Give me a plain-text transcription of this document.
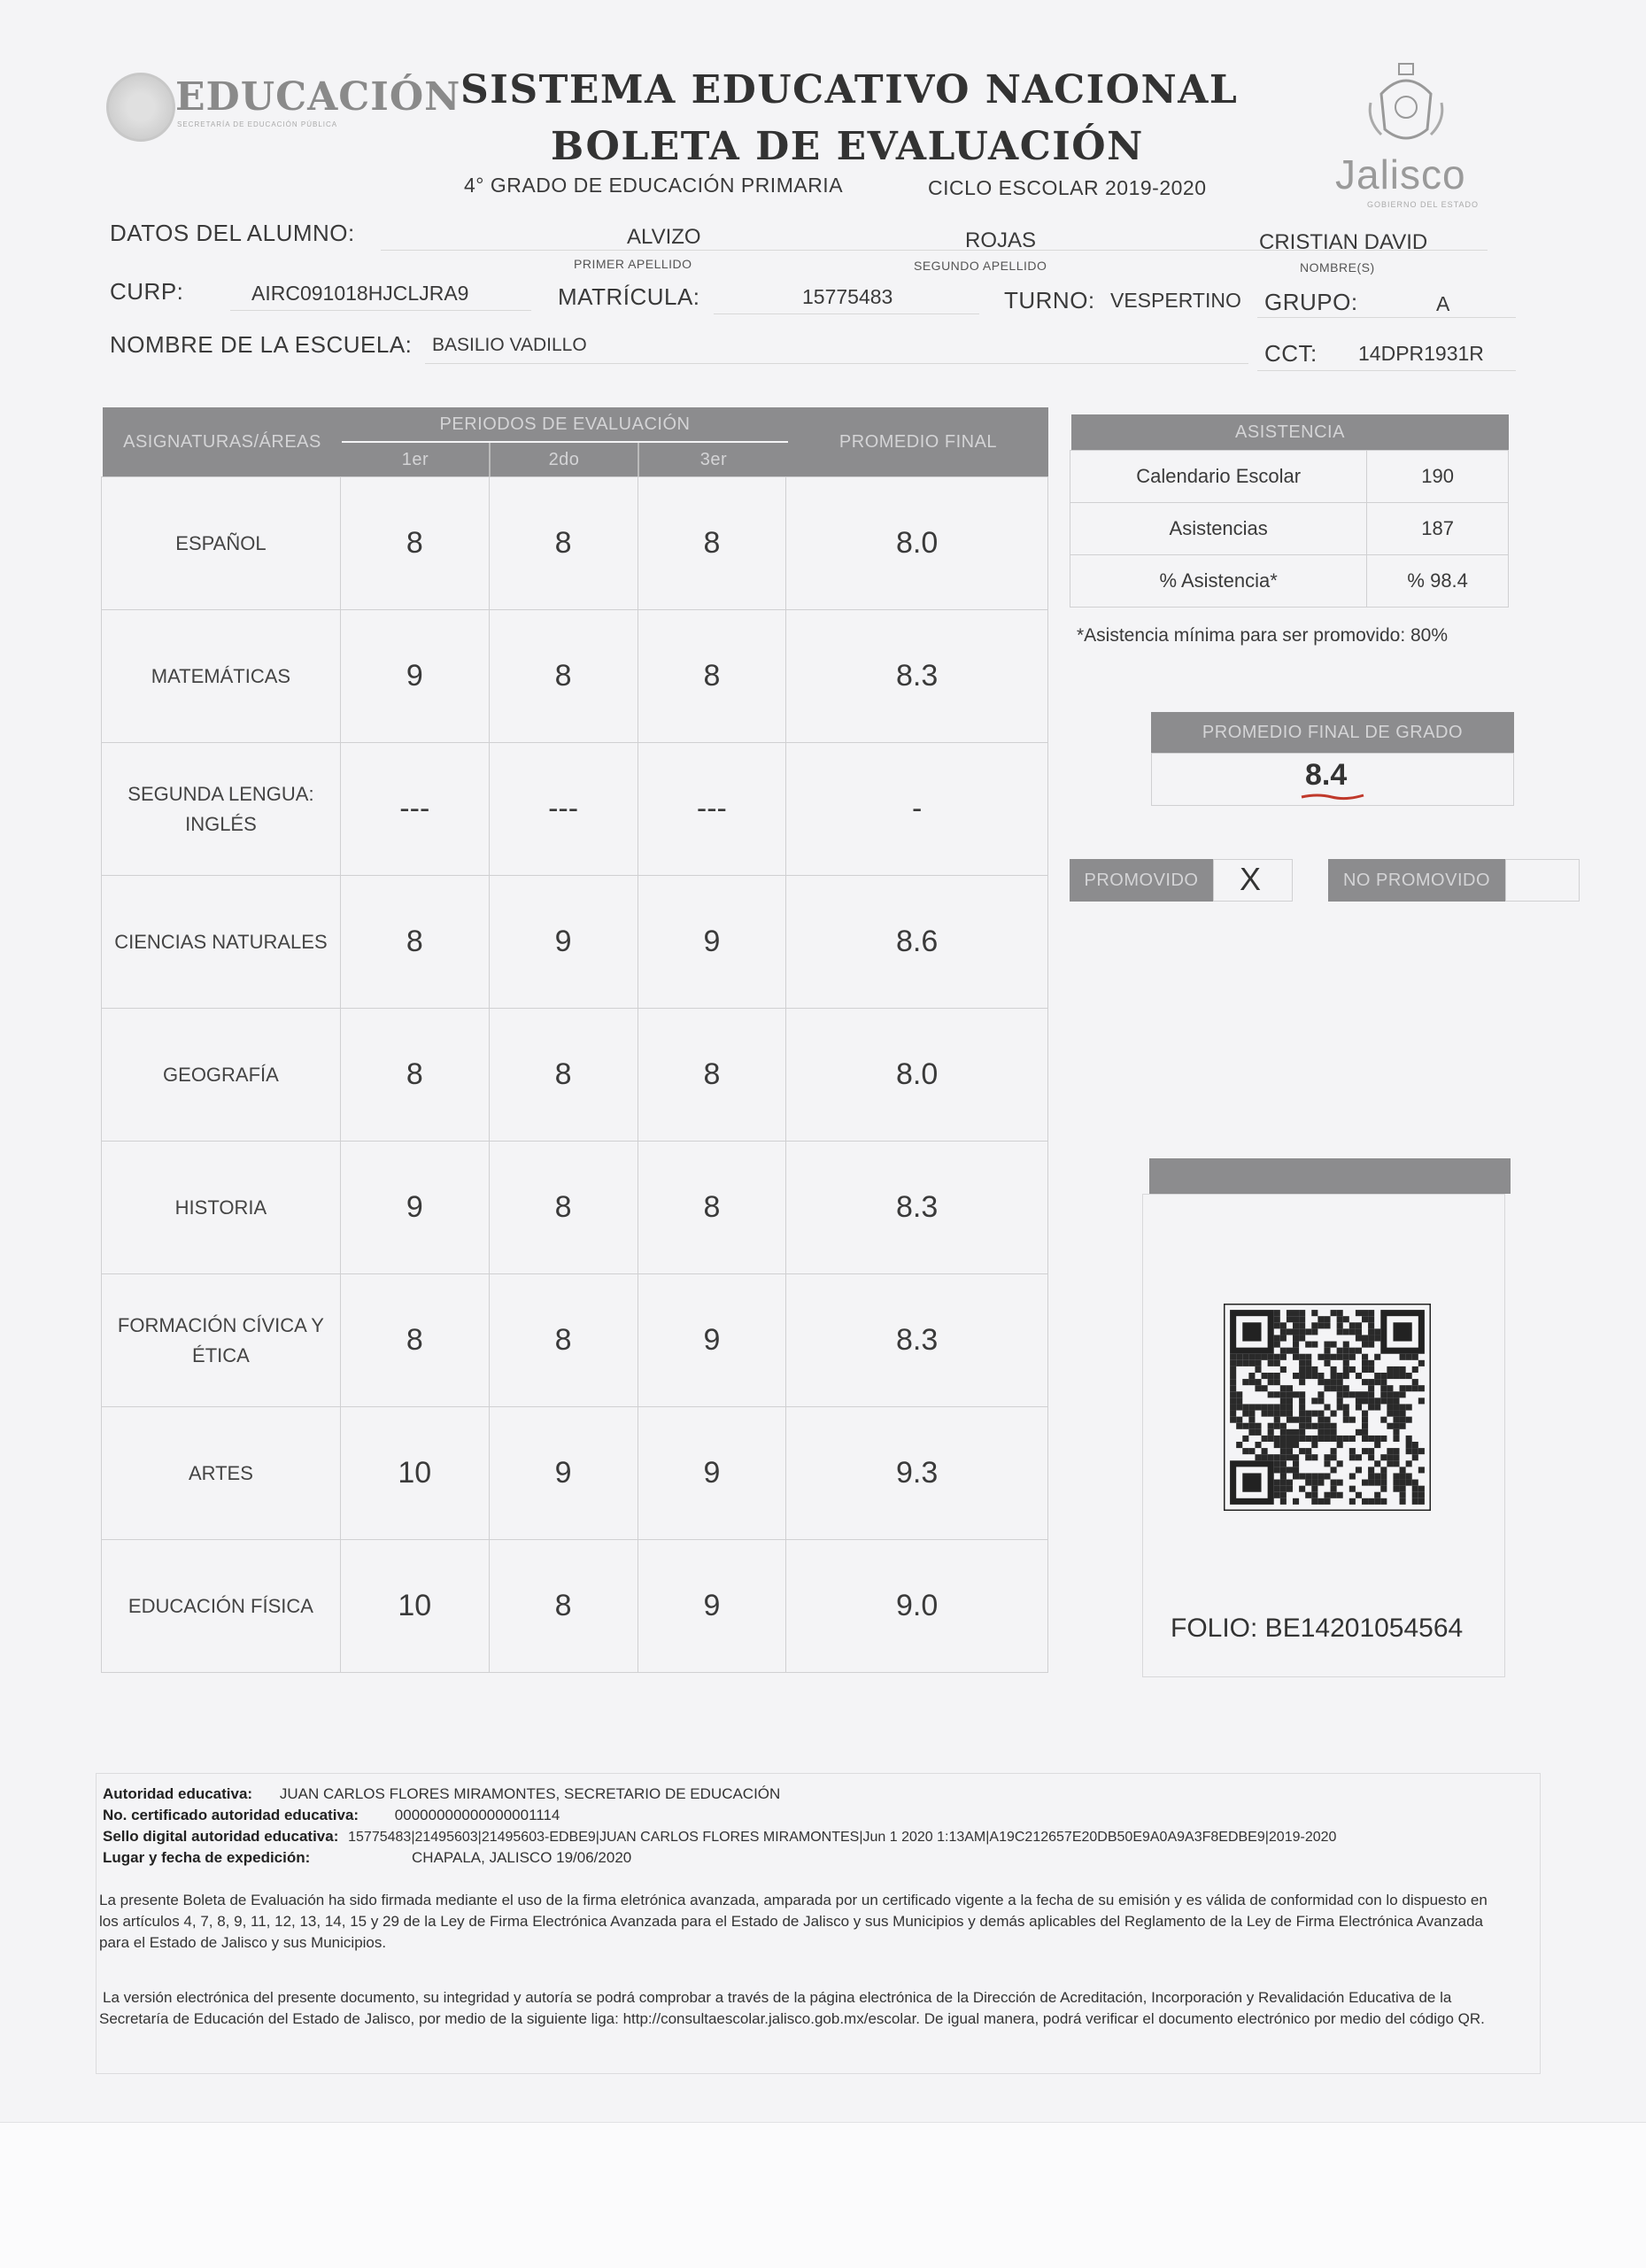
EDUCACIÓN
SECRETARÍA DE EDUCACIÓN PÚBLICA
SISTEMA EDUCATIVO NACIONAL
BOLETA DE EVALUACIÓN
4° GRADO DE EDUCACIÓN PRIMARIA	CICLO ESCOLAR 2019-2020	Jalisco
GOBIERNO DEL ESTADO
DATOS DEL ALUMNO:	ALVIZO
PRIMER APELLIDO
ROJAS
SEGUNDO APELLIDO
CRISTIAN DAVID
NOMBRE(S)
CURP:	AIRC091018HJCLJRA9	MATRÍCULA:	15775483	TURNO: VESPERTINO GRUPO:	A
NOMBRE DE LA ESCUELA: BASILIO VADILLO	CCT: 14DPR1931R
ASIGNATURAS/ÁREAS
PERIODOS DE EVALUACIÓN
1er	2do	3er
PROMEDIO FINAL
ESPAÑOL	8	8	8	8.0
MATEMÁTICAS	9	8	8	8.3
SEGUNDA LENGUA: INGLÉS	---	---	---	-
CIENCIAS NATURALES	8	9	9	8.6
GEOGRAFÍA	8	8	8	8.0
HISTORIA	9	8	8	8.3
FORMACIÓN CÍVICA Y ÉTICA	8	8	9	8.3
ARTES	10	9	9	9.3
EDUCACIÓN FÍSICA	10	8	9	9.0
ASISTENCIA
Calendario Escolar	190
Asistencias	187
% Asistencia*	% 98.4
*Asistencia mínima para ser promovido: 80%
PROMEDIO FINAL DE GRADO
8.4
PROMOVIDO	X	NO PROMOVIDO
FOLIO: BE14201054564
Autoridad educativa: JUAN CARLOS FLORES MIRAMONTES, SECRETARIO DE EDUCACIÓN
No. certificado autoridad educativa: 00000000000000001114
Sello digital autoridad educativa: 15775483|21495603|21495603-EDBE9|JUAN CARLOS FLORES MIRAMONTES|Jun 1 2020 1:13AM|A19C212657E20DB50E9A0A9A3F8EDBE9|2019-2020
Lugar y fecha de expedición:	CHAPALA, JALISCO 19/06/2020
La presente Boleta de Evaluación ha sido firmada mediante el uso de la firma eletrónica avanzada, amparada por un certificado vigente a la fecha de su emisión y es válida de conformidad con lo dispuesto en los artículos 4, 7, 8, 9, 11, 12, 13, 14, 15 y 29 de la Ley de Firma Electrónica Avanzada para el Estado de Jalisco y sus Municipios y demás aplicables del Reglamento de la Ley de Firma Electrónica Avanzada para el Estado de Jalisco y sus Municipios.
La versión electrónica del presente documento, su integridad y autoría se podrá comprobar a través de la página electrónica de la Dirección de Acreditación, Incorporación y Revalidación Educativa de la Secretaría de Educación del Estado de Jalisco, por medio de la siguiente liga: http://consultaescolar.jalisco.gob.mx/escolar. De igual manera, podrá verificar el documento electrónico por medio del código QR.
